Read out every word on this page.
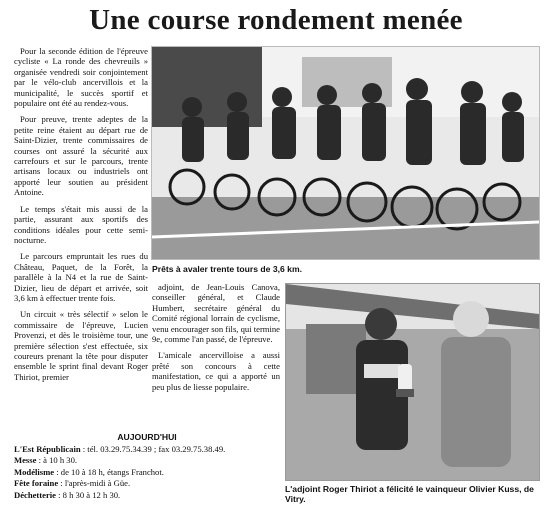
Une course rondement menée

Pour la seconde édition de l'épreuve cycliste « La ronde des chevreuils » organisée vendredi soir conjointement par le vélo-club ancervillois et la municipalité, le succès sportif et populaire ont été au rendez-vous.

Pour preuve, trente adeptes de la petite reine étaient au départ rue de Saint-Dizier, trente commissaires de courses ont assuré la sécurité aux carrefours et sur le parcours, trente artisans locaux ou industriels ont apporté leur soutien au président Antoine.

Le temps s'était mis aussi de la partie, assurant aux sportifs des conditions idéales pour cette semi-nocturne.

Le parcours empruntait les rues du Château, Paquet, de la Forêt, la parallèle à la N4 et la rue de Saint-Dizier, lieu de départ et arrivée, soit 3,6 km à effectuer trente fois.

Un circuit « très sélectif » selon le commissaire de l'épreuve, Lucien Provenzi, et dès le troisième tour, une première sélection s'est effectuée, six coureurs prenant la tête pour disputer ensemble le sprint final devant Roger Thiriot, premier

Prêts à avaler trente tours de 3,6 km.

adjoint, de Jean-Louis Canova, conseiller général, et Claude Humbert, secrétaire général du Comité régional lorrain de cyclisme, venu encourager son fils, qui termine 9e, comme l'an passé, de l'épreuve.

L'amicale ancervilloise a aussi prêté son concours à cette manifestation, ce qui a apporté un peu plus de liesse populaire.

L'adjoint Roger Thiriot a félicité le vainqueur Olivier Kuss, de Vitry.
AUJOURD'HUI
L'Est Républicain : tél. 03.29.75.34.39 ; fax 03.29.75.38.49.
Messe : à 10 h 30.
Modélisme : de 10 à 18 h, étangs Franchot.
Fête foraine : l'après-midi à Güe.
Déchetterie : 8 h 30 à 12 h 30.
